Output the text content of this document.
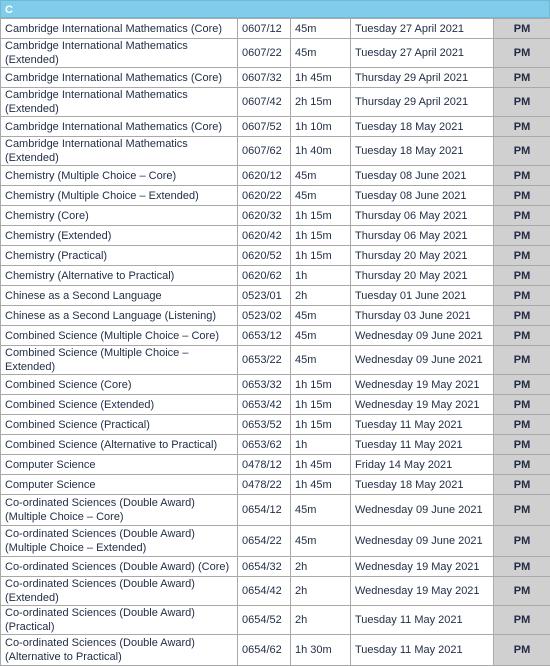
C
Cambridge International Mathematics (Core)	0607/12	45m	Tuesday 27 April 2021	PM
Cambridge International Mathematics (Extended)	0607/22	45m	Tuesday 27 April 2021	PM
Cambridge International Mathematics (Core)	0607/32	1h 45m	Thursday 29 April 2021	PM
Cambridge International Mathematics (Extended)	0607/42	2h 15m	Thursday 29 April 2021	PM
Cambridge International Mathematics (Core)	0607/52	1h 10m	Tuesday 18 May 2021	PM
Cambridge International Mathematics (Extended)	0607/62	1h 40m	Tuesday 18 May 2021	PM
Chemistry (Multiple Choice – Core)	0620/12	45m	Tuesday 08 June 2021	PM
Chemistry (Multiple Choice – Extended)	0620/22	45m	Tuesday 08 June 2021	PM
Chemistry (Core)	0620/32	1h 15m	Thursday 06 May 2021	PM
Chemistry (Extended)	0620/42	1h 15m	Thursday 06 May 2021	PM
Chemistry (Practical)	0620/52	1h 15m	Thursday 20 May 2021	PM
Chemistry (Alternative to Practical)	0620/62	1h	Thursday 20 May 2021	PM
Chinese as a Second Language	0523/01	2h	Tuesday 01 June 2021	PM
Chinese as a Second Language (Listening)	0523/02	45m	Thursday 03 June 2021	PM
Combined Science (Multiple Choice – Core)	0653/12	45m	Wednesday 09 June 2021	PM
Combined Science (Multiple Choice – Extended)	0653/22	45m	Wednesday 09 June 2021	PM
Combined Science (Core)	0653/32	1h 15m	Wednesday 19 May 2021	PM
Combined Science (Extended)	0653/42	1h 15m	Wednesday 19 May 2021	PM
Combined Science (Practical)	0653/52	1h 15m	Tuesday 11 May 2021	PM
Combined Science (Alternative to Practical)	0653/62	1h	Tuesday 11 May 2021	PM
Computer Science	0478/12	1h 45m	Friday 14 May 2021	PM
Computer Science	0478/22	1h 45m	Tuesday 18 May 2021	PM
Co-ordinated Sciences (Double Award) (Multiple Choice – Core)	0654/12	45m	Wednesday 09 June 2021	PM
Co-ordinated Sciences (Double Award) (Multiple Choice – Extended)	0654/22	45m	Wednesday 09 June 2021	PM
Co-ordinated Sciences (Double Award) (Core)	0654/32	2h	Wednesday 19 May 2021	PM
Co-ordinated Sciences (Double Award) (Extended)	0654/42	2h	Wednesday 19 May 2021	PM
Co-ordinated Sciences (Double Award) (Practical)	0654/52	2h	Tuesday 11 May 2021	PM
Co-ordinated Sciences (Double Award) (Alternative to Practical)	0654/62	1h 30m	Tuesday 11 May 2021	PM
